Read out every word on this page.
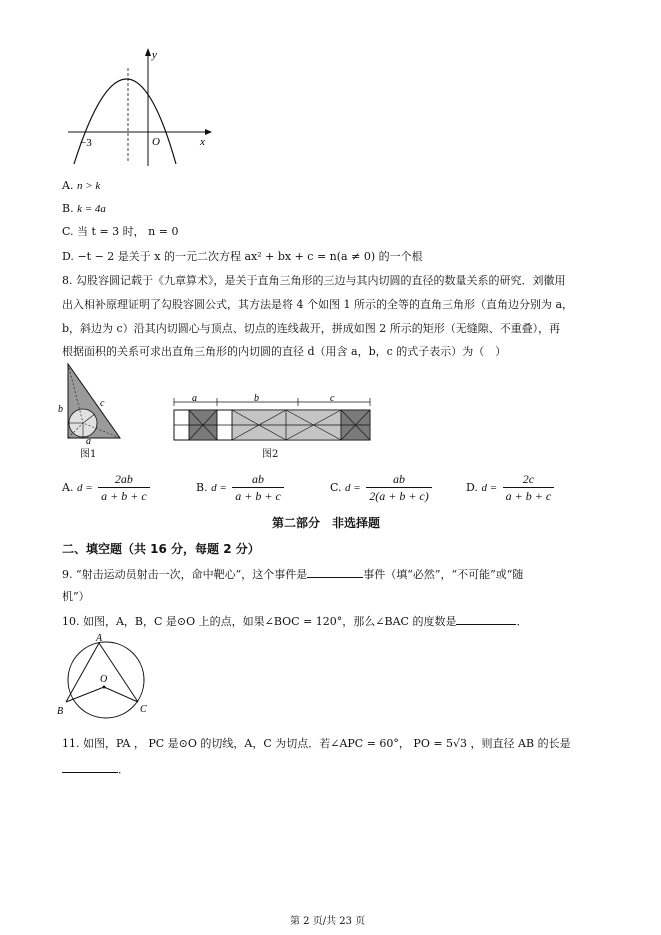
y
x
O
−3
A. n > k
B. k = 4a
C. 当 t = 3 时， n = 0
D. −t − 2 是关于 x 的一元二次方程 ax² + bx + c = n(a ≠ 0) 的一个根
8. 勾股容圆记载于《九章算术》，是关于直角三角形的三边与其内切圆的直径的数量关系的研究．刘徽用
出入相补原理证明了勾股容圆公式，其方法是将 4 个如图 1 所示的全等的直角三角形（直角边分别为 a，
b，斜边为 c）沿其内切圆心与顶点、切点的连线裁开，拼成如图 2 所示的矩形（无缝隙、不重叠），再
根据面积的关系可求出直角三角形的内切圆的直径 d（用含 a，b，c 的式子表示）为（　）
b
c
a
图1
a	b	c
图2
A. $d = \frac{2ab}{a + b + c}$	B. $d = \frac{ab}{a + b + c}$	C. $d = \frac{ab}{2(a + b + c)}$	D. $d = \frac{2c}{a + b + c}$
第二部分　非选择题
二、填空题（共 16 分，每题 2 分）
9. “射击运动员射击一次，命中靶心”，这个事件是	事件（填“必然”，“不可能”或“随
机”）
10. 如图，A，B，C 是⊙O 上的点，如果∠BOC = 120°，那么∠BAC 的度数是	．
A
O
B	C
11. 如图，PA ， PC 是⊙O 的切线，A，C 为切点．若∠APC = 60°， PO = 5√3 ，则直径 AB 的长是
．
第 2 页/共 23 页
